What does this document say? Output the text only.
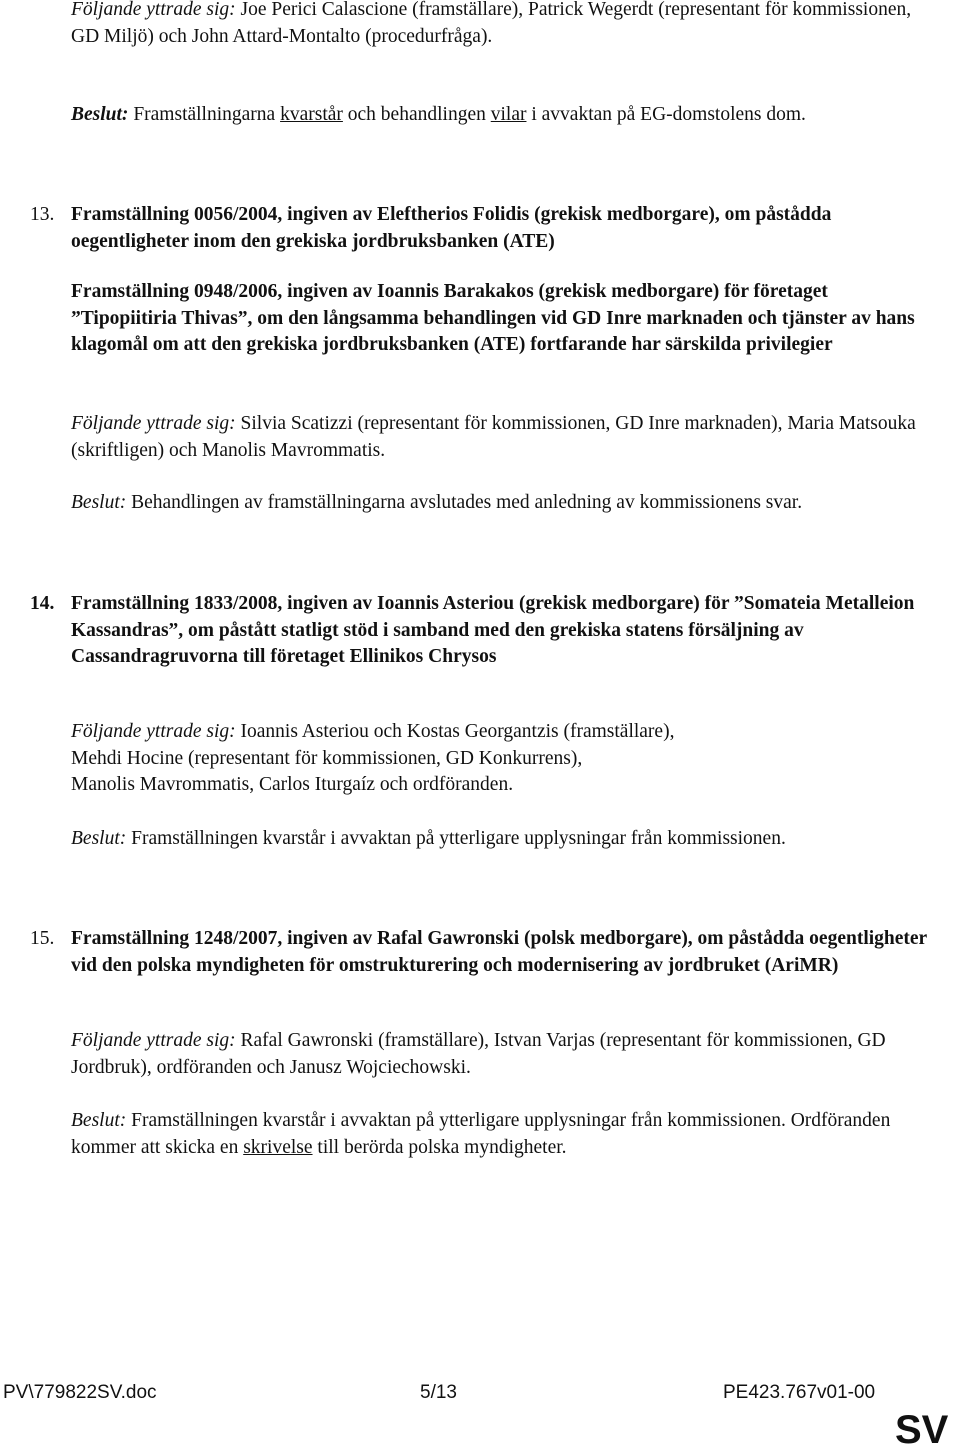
Följande yttrade sig: Joe Perici Calascione (framställare), Patrick Wegerdt (representant för kommissionen, GD Miljö) och John Attard-Montalto (procedurfråga).
Beslut: Framställningarna kvarstår och behandlingen vilar i avvaktan på EG-domstolens dom.
13. Framställning 0056/2004, ingiven av Eleftherios Folidis (grekisk medborgare), om påstådda oegentligheter inom den grekiska jordbruksbanken (ATE)
Framställning 0948/2006, ingiven av Ioannis Barakakos (grekisk medborgare) för företaget ”Tipopiitiria Thivas”, om den långsamma behandlingen vid GD Inre marknaden och tjänster av hans klagomål om att den grekiska jordbruksbanken (ATE) fortfarande har särskilda privilegier
Följande yttrade sig: Silvia Scatizzi (representant för kommissionen, GD Inre marknaden), Maria Matsouka (skriftligen) och Manolis Mavrommatis.
Beslut: Behandlingen av framställningarna avslutades med anledning av kommissionens svar.
14. Framställning 1833/2008, ingiven av Ioannis Asteriou (grekisk medborgare) för ”Somateia Metalleion Kassandras”, om påstått statligt stöd i samband med den grekiska statens försäljning av Cassandragruvorna till företaget Ellinikos Chrysos
Följande yttrade sig: Ioannis Asteriou och Kostas Georgantzis (framställare),
Mehdi Hocine (representant för kommissionen, GD Konkurrens),
Manolis Mavrommatis, Carlos Iturgaíz och ordföranden.
Beslut: Framställningen kvarstår i avvaktan på ytterligare upplysningar från kommissionen.
15. Framställning 1248/2007, ingiven av Rafal Gawronski (polsk medborgare), om påstådda oegentligheter vid den polska myndigheten för omstrukturering och modernisering av jordbruket (AriMR)
Följande yttrade sig: Rafal Gawronski (framställare), Istvan Varjas (representant för kommissionen, GD Jordbruk), ordföranden och Janusz Wojciechowski.
Beslut: Framställningen kvarstår i avvaktan på ytterligare upplysningar från kommissionen. Ordföranden kommer att skicka en skrivelse till berörda polska myndigheter.
PV\779822SV.doc	5/13	PE423.767v01-00
SV
